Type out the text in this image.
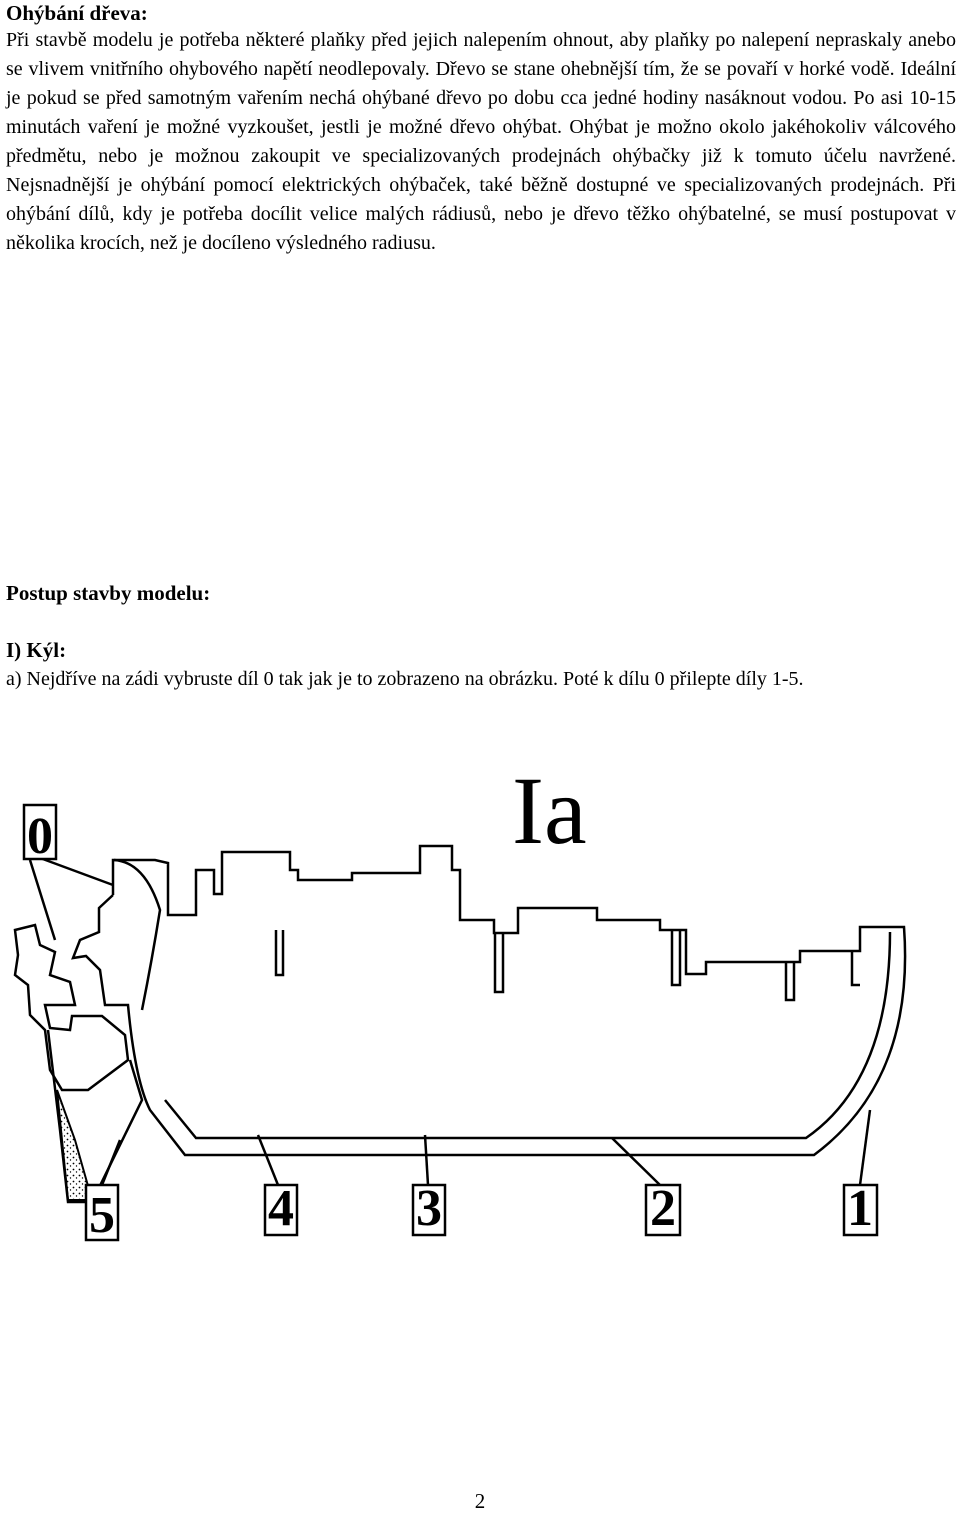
Ohýbání dřeva:

Při stavbě modelu je potřeba některé plaňky před jejich nalepením ohnout, aby plaňky po nalepení nepraskaly anebo se vlivem vnitřního ohybového napětí neodlepovaly. Dřevo se stane ohebnější tím, že se povaří v horké vodě. Ideální je pokud se před samotným vařením nechá ohýbané dřevo po dobu cca jedné hodiny nasáknout vodou. Po asi 10-15 minutách vaření je možné vyzkoušet, jestli je možné dřevo ohýbat. Ohýbat je možno okolo jakéhokoliv válcového předmětu, nebo je možnou zakoupit ve specializovaných prodejnách ohýbačky již k tomuto účelu navržené. Nejsnadnější je ohýbání pomocí elektrických ohýbaček, také běžně dostupné ve specializovaných prodejnách. Při ohýbání dílů, kdy je potřeba docílit velice malých rádiusů, nebo je dřevo těžko ohýbatelné, se musí postupovat v několika krocích, než je docíleno výsledného radiusu.

Postup stavby modelu:
I) Kýl:

a) Nejdříve na zádi vybruste díl 0 tak jak je to zobrazeno na obrázku. Poté k dílu 0 přilepte díly 1-5.

Ia
0
1
2
3
4
5
2
